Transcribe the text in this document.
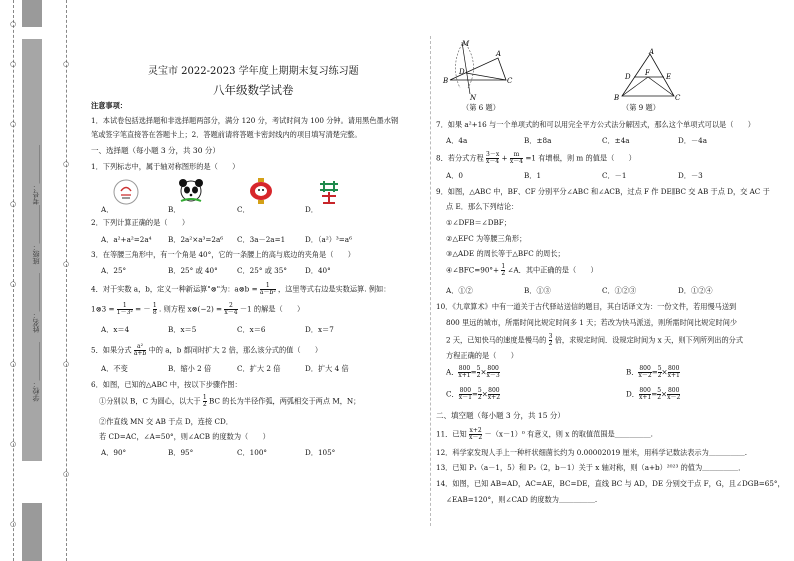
○
○
○
○
○
○
○
○
○
○
○
○
○
学校：___________
姓名：___________
班级：___________
考号：___________
灵宝市 2022-2023 学年度上期期末复习练习题
八年级数学试卷
注意事项：
1．本试卷包括选择题和非选择题两部分，满分 120 分，考试时间为 100 分钟。请用黑色墨水钢
笔或签字笔直接答在答题卡上；2．答题前请将答题卡密封线内的项目填写清楚完整。
一、选择题（每小题 3 分，共 30 分）
1．下列标志中，属于轴对称图形的是（　　）
A．	B．	C．	D．
2．下列计算正确的是（　　）
A．a²+a²=2a⁴ B．2a²×a³=2a⁶ C．3a－2a=1	D．（a²）³=a⁶
3．在等腰三角形中，有一个角是 40°，它的一条腰上的高与底边的夹角是（　　）
A．25°	B．25° 或 40°	C．25° 或 35°	D．40°
4．对于实数 a，b，定义一种新运算"⊗"为：a⊗b = $\frac{1}{\text{a－b²}}$ ，这里等式右边是实数运算. 例如：
1⊗3 = $\frac{1}{\text{1－3²}}$ = － $\frac{1}{8}$ . 则方程 x⊗(−2) = $\frac{2}{x-4} -1$ 的解是（　　）
A．x＝4	B．x＝5	C．x＝6	D．x＝7
5．如果分式 $\frac{\text{a²}}{a+b}$ 中的 a，b 都同时扩大 2 倍，那么该分式的值（　　）
A．不变	B．缩小 2 倍	C．扩大 2 倍	D．扩大 4 倍
6．如图，已知的△ABC 中，按以下步骤作图：
①分别以 B，C 为圆心，以大于 $\frac{1}{2}$ BC 的长为半径作弧，两弧相交于两点 M，N；
②作直线 MN 交 AB 于点 D，连接 CD．
若 CD=AC，∠A=50°，则∠ACB 的度数为（　　）
A．90°	B．95°	C．100°	D．105°
M
A
D
B	C
N
（第 6 题）
A
D F E
B	C
（第 9 题）
7．如果 a²+16 与一个单项式的和可以用完全平方公式法分解因式，那么这个单项式可以是（　　）
A．4a	B．±8a	C．±4a	D．－4a
8．若分式方程 $\frac{3-x}{x-4} + \frac{m}{x-4} =1$ 有增根，则 m 的值是（　　）
A．0	B．1	C．－1	D．－3
9．如图，△ABC 中，BF、CF 分别平分∠ABC 和∠ACB，过点 F 作 DE∥BC 交 AB 于点 D，交 AC 于
点 E．那么下列结论：
①∠DFB＝∠DBF；
②△EFC 为等腰三角形；
③△ADE 的周长等于△BFC 的周长；
④∠BFC=90°+ $\frac{1}{2}$ ∠A．其中正确的是（　　）
A．①②	B．①③	C．①②③	D．①②④
10．《九章算术》中有一道关于古代驿站送信的题目，其白话译文为：一份文件，若用慢马送到
800 里远的城市，所需时间比规定时间多 1 天；若改为快马派送，则所需时间比规定时间少
2 天，已知快马的速度是慢马的 $\frac{3}{2}$ 倍，求规定时间．设规定时间为 x 天，则下列所列出的分式
方程正确的是（　　）
A． $\frac{800}{x+1} = \frac{5}{2} \times \frac{800}{x-3}$	B． $\frac{800}{x-2} = \frac{5}{2} \times \frac{800}{x+1}$
C． $\frac{800}{x-1} = \frac{5}{2} \times \frac{800}{x+2}$	D． $\frac{800}{x+1} = \frac{5}{2} \times \frac{800}{x-2}$
二、填空题（每小题 3 分，共 15 分）
11．已知 $\frac{x+2}{x-2} -(x-1)^0$ 有意义，则 x 的取值范围是＿＿＿＿＿.
12．科学家发现人手上一种杆状细菌长约为 0.00002019 厘米，用科学记数法表示为＿＿＿＿＿.
13．已知 P₁（a－1，5）和 P₂（2，b－1）关于 x 轴对称，则（a+b）²⁰²³ 的值为＿＿＿＿＿．
14．如图，已知 AB=AD，AC=AE，BC=DE，直线 BC 与 AD，DE 分别交于点 F，G，且∠DGB=65°，
∠EAB=120°，则∠CAD 的度数为＿＿＿＿＿.
